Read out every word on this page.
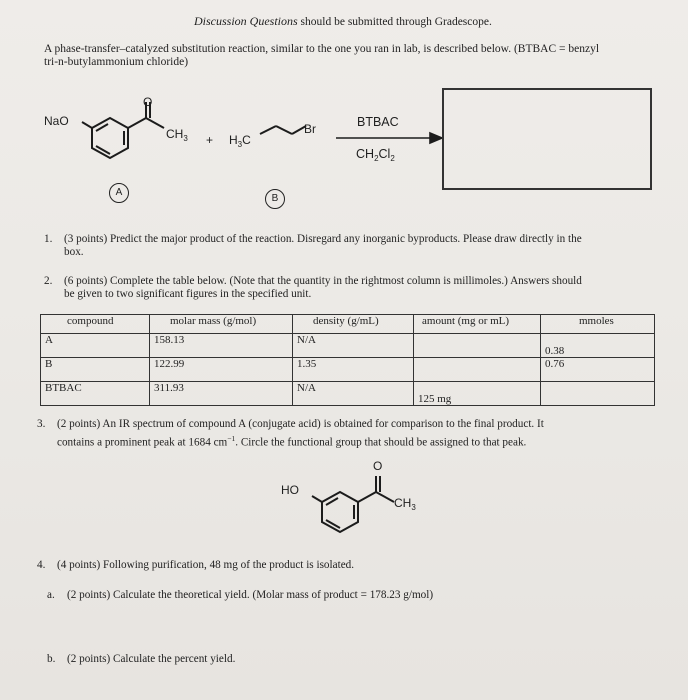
Discussion Questions should be submitted through Gradescope.
A phase-transfer–catalyzed substitution reaction, similar to the one you ran in lab, is described below. (BTBAC = benzyl
tri-n-butylammonium chloride)
NaO
O
$CH_3 + H_3C$
Br	BTBAC
$CH_2Cl_2$
A
B
1. (3 points) Predict the major product of the reaction. Disregard any inorganic byproducts. Please draw directly in the
box.
2. (6 points) Complete the table below. (Note that the quantity in the rightmost column is millimoles.) Answers should
be given to two significant figures in the specified unit.
compound	molar mass (g/mol)	density (g/mL)	amount (mg or mL)	mmoles
A	158.13	N/A		0.38
B	122.99	1.35		0.76
BTBAC	311.93	N/A	125 mg	
3. (2 points) An IR spectrum of compound A (conjugate acid) is obtained for comparison to the final product. It
contains a prominent peak at 1684 $cm^{-1}$. Circle the functional group that should be assigned to that peak.
HO
O
$CH_3$
4. (4 points) Following purification, 48 mg of the product is isolated.
a. (2 points) Calculate the theoretical yield. (Molar mass of product = 178.23 g/mol)
b. (2 points) Calculate the percent yield.
